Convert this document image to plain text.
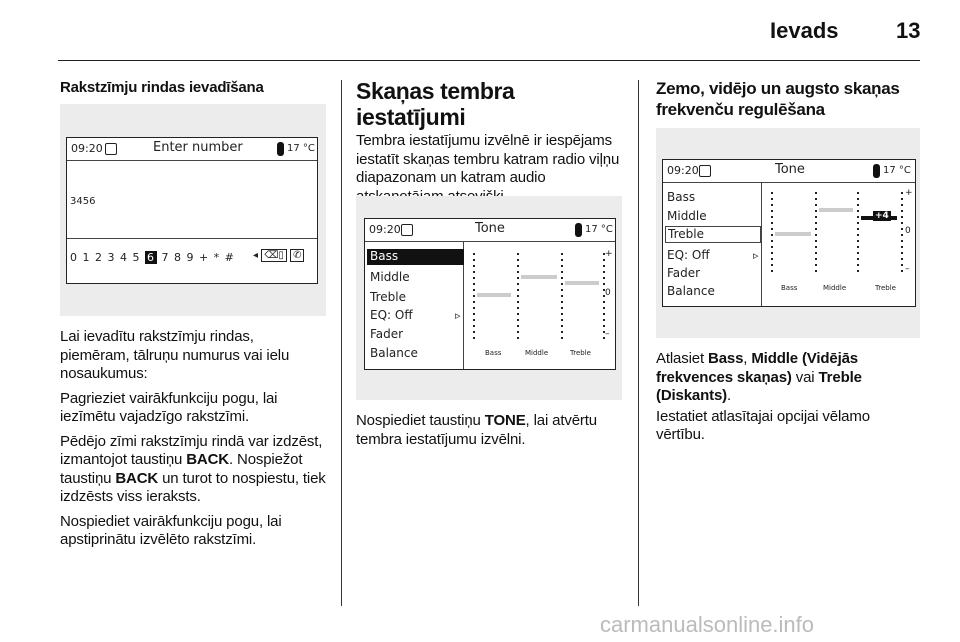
Ievads	13
Rakstzīmju rindas ievadīšana
09:20	Enter number	17 °C
3456
0 1 2 3 4 5 6 7 8 9 + * # ◂ ⌫▯ ✆

Lai ievadītu rakstzīmju rindas, piemēram, tālruņu numurus vai ielu nosaukumus:

Pagrieziet vairākfunkciju pogu, lai iezīmētu vajadzīgo rakstzīmi.

Pēdējo zīmi rakstzīmju rindā var izdzēst, izmantojot taustiņu BACK. Nospiežot taustiņu BACK un turot to nospiestu, tiek izdzēsts viss ieraksts.

Nospiediet vairākfunkciju pogu, lai apstiprinātu izvēlēto rakstzīmi.

Skaņas tembra iestatījumi

Tembra iestatījumu izvēlnē ir iespējams iestatīt skaņas tembru katram radio viļņu diapazonam un katram audio

09:20	Tone	17 °C
Bass
Middle
Treble
EQ: Off	▹
Fader
Balance
+
0
–
Bass	Middle	Treble

Nospiediet taustiņu TONE, lai atvērtu tembra iestatījumu izvēlni.

Zemo, vidējo un augsto skaņas frekvenču regulēšana
09:20	Tone	17 °C
Bass
Middle
Treble
EQ: Off	▹
Fader
Balance
+4
+
0
–
Bass	Middle	Treble

Atlasiet Bass, Middle (Vidējās frekvences skaņas) vai Treble (Diskants).

Iestatiet atlasītajai opcijai vēlamo vērtību.

carmanualsonline.info
